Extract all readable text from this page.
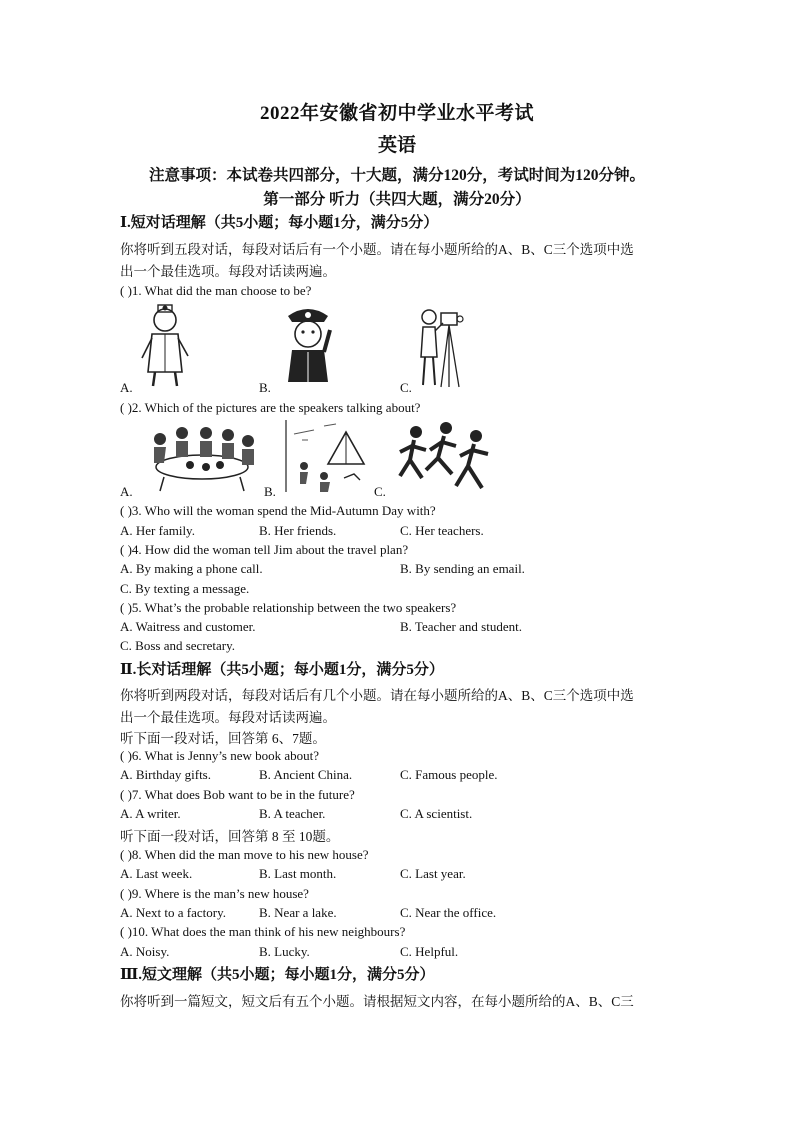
2022年安徽省初中学业水平考试
英语
注意事项：本试卷共四部分，十大题，满分120分，考试时间为120分钟。
第一部分 听力（共四大题，满分20分）
Ⅰ.短对话理解（共5小题；每小题1分，满分5分）
你将听到五段对话，每段对话后有一个小题。请在每小题所给的A、B、C三个选项中选
出一个最佳选项。每段对话读两遍。
( )1. What did the man choose to be?
A.	B.	C.
( )2. Which of the pictures are the speakers talking about?
A.	B.	C.
( )3. Who will the woman spend the Mid-Autumn Day with?
A. Her family.	B. Her friends.	C. Her teachers.
( )4. How did the woman tell Jim about the travel plan?
A. By making a phone call.	B. By sending an email.
C. By texting a message.
( )5. What’s the probable relationship between the two speakers?
A. Waitress and customer.	B. Teacher and student.
C. Boss and secretary.
Ⅱ.长对话理解（共5小题；每小题1分，满分5分）
你将听到两段对话，每段对话后有几个小题。请在每小题所给的A、B、C三个选项中选
出一个最佳选项。每段对话读两遍。
听下面一段对话，回答第 6、7题。
( )6. What is Jenny’s new book about?
A. Birthday gifts.	B. Ancient China.	C. Famous people.
( )7. What does Bob want to be in the future?
A. A writer.	B. A teacher.	C. A scientist.
听下面一段对话，回答第 8 至 10题。
( )8. When did the man move to his new house?
A. Last week.	B. Last month.	C. Last year.
( )9. Where is the man’s new house?
A. Next to a factory.	B. Near a lake.	C. Near the office.
( )10. What does the man think of his new neighbours?
A. Noisy.	B. Lucky.	C. Helpful.
Ⅲ.短文理解（共5小题；每小题1分，满分5分）
你将听到一篇短文，短文后有五个小题。请根据短文内容，在每小题所给的A、B、C三
